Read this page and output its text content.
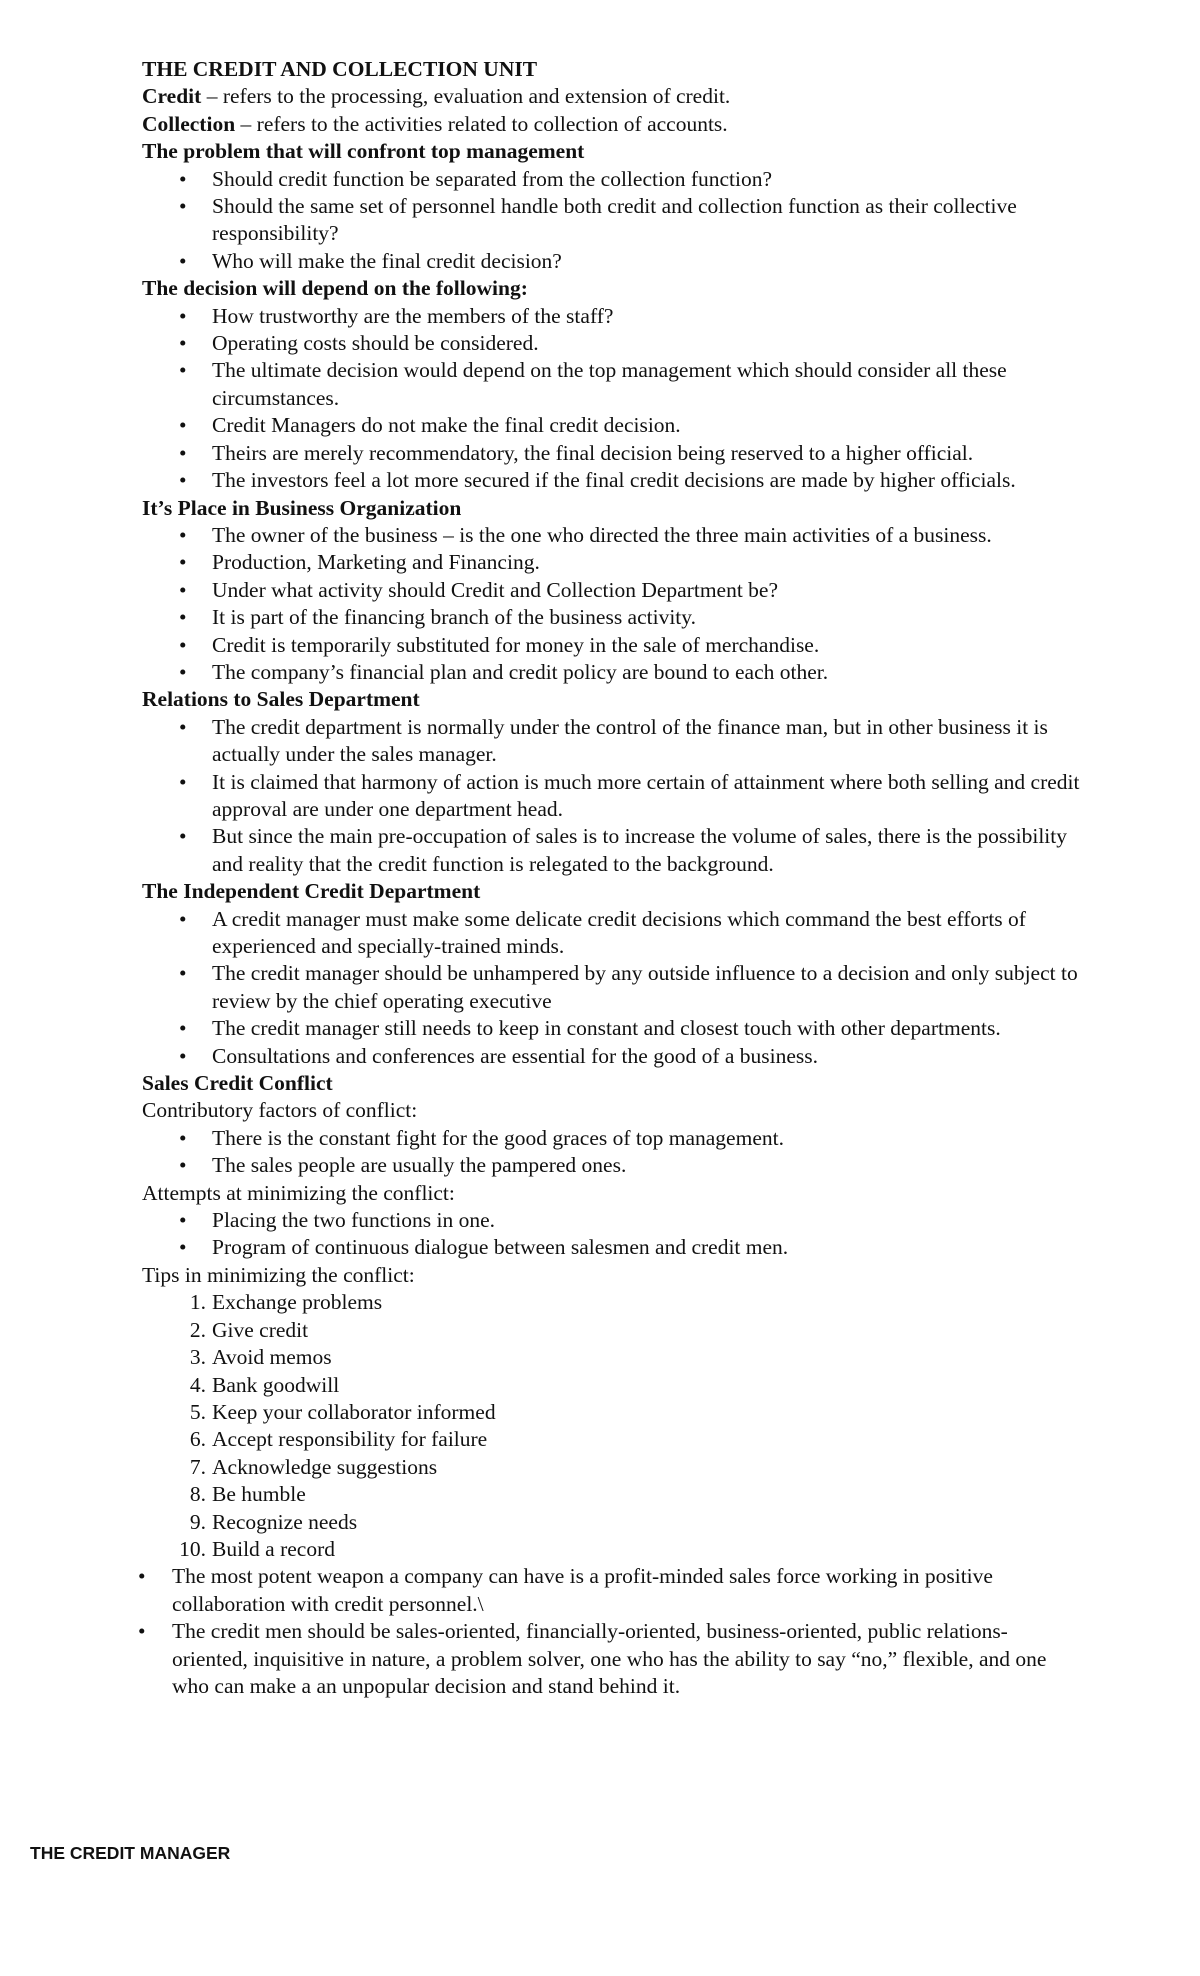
THE CREDIT AND COLLECTION UNIT

Credit – refers to the processing, evaluation and extension of credit.

Collection – refers to the activities related to collection of accounts.

The problem that will confront top management

• Should credit function be separated from the collection function?
• Should the same set of personnel handle both credit and collection function as their collective responsibility?
• Who will make the final credit decision?

The decision will depend on the following:

• How trustworthy are the members of the staff?
• Operating costs should be considered.
• The ultimate decision would depend on the top management which should consider all these circumstances.
• Credit Managers do not make the final credit decision.
• Theirs are merely recommendatory, the final decision being reserved to a higher official.
• The investors feel a lot more secured if the final credit decisions are made by higher officials.

It’s Place in Business Organization

• The owner of the business – is the one who directed the three main activities of a business.
• Production, Marketing and Financing.
• Under what activity should Credit and Collection Department be?
• It is part of the financing branch of the business activity.
• Credit is temporarily substituted for money in the sale of merchandise.
• The company’s financial plan and credit policy are bound to each other.

Relations to Sales Department

• The credit department is normally under the control of the finance man, but in other business it is actually under the sales manager.
• It is claimed that harmony of action is much more certain of attainment where both selling and credit approval are under one department head.
• But since the main pre-occupation of sales is to increase the volume of sales, there is the possibility and reality that the credit function is relegated to the background.

The Independent Credit Department

• A credit manager must make some delicate credit decisions which command the best efforts of experienced and specially-trained minds.
• The credit manager should be unhampered by any outside influence to a decision and only subject to review by the chief operating executive
• The credit manager still needs to keep in constant and closest touch with other departments.
• Consultations and conferences are essential for the good of a business.

Sales Credit Conflict

Contributory factors of conflict:

• There is the constant fight for the good graces of top management.
• The sales people are usually the pampered ones.

Attempts at minimizing the conflict:

• Placing the two functions in one.
• Program of continuous dialogue between salesmen and credit men.

Tips in minimizing the conflict:

1. Exchange problems
2. Give credit
3. Avoid memos
4. Bank goodwill
5. Keep your collaborator informed
6. Accept responsibility for failure
7. Acknowledge suggestions
8. Be humble
9. Recognize needs
10. Build a record
• The most potent weapon a company can have is a profit-minded sales force working in positive collaboration with credit personnel.\
• The credit men should be sales-oriented, financially-oriented, business-oriented, public relations-oriented, inquisitive in nature, a problem solver, one who has the ability to say “no,” flexible, and one who can make a an unpopular decision and stand behind it.
THE CREDIT MANAGER
